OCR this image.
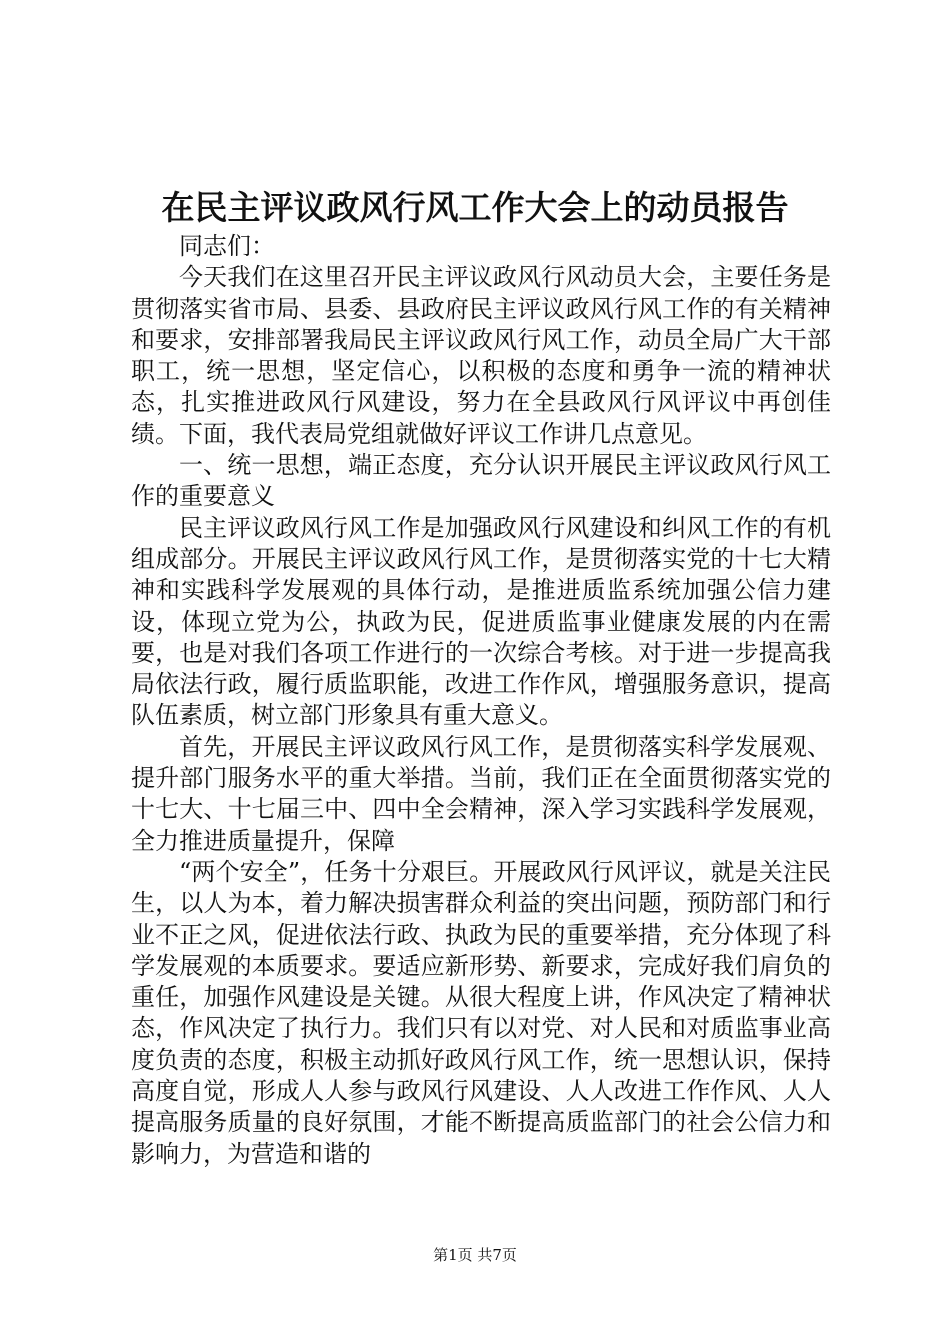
在民主评议政风行风工作大会上的动员报告

同志们：

今天我们在这里召开民主评议政风行风动员大会，主要任务是贯彻落实省市局、县委、县政府民主评议政风行风工作的有关精神和要求，安排部署我局民主评议政风行风工作，动员全局广大干部职工，统一思想，坚定信心，以积极的态度和勇争一流的精神状态，扎实推进政风行风建设，努力在全县政风行风评议中再创佳绩。下面，我代表局党组就做好评议工作讲几点意见。

一、统一思想，端正态度，充分认识开展民主评议政风行风工作的重要意义

民主评议政风行风工作是加强政风行风建设和纠风工作的有机组成部分。开展民主评议政风行风工作，是贯彻落实党的十七大精神和实践科学发展观的具体行动，是推进质监系统加强公信力建设，体现立党为公，执政为民，促进质监事业健康发展的内在需要，也是对我们各项工作进行的一次综合考核。对于进一步提高我局依法行政，履行质监职能，改进工作作风，增强服务意识，提高队伍素质，树立部门形象具有重大意义。

首先，开展民主评议政风行风工作，是贯彻落实科学发展观、提升部门服务水平的重大举措。当前，我们正在全面贯彻落实党的十七大、十七届三中、四中全会精神，深入学习实践科学发展观，全力推进质量提升，保障

“两个安全”，任务十分艰巨。开展政风行风评议，就是关注民生，以人为本，着力解决损害群众利益的突出问题，预防部门和行业不正之风，促进依法行政、执政为民的重要举措，充分体现了科学发展观的本质要求。要适应新形势、新要求，完成好我们肩负的重任，加强作风建设是关键。从很大程度上讲，作风决定了精神状态，作风决定了执行力。我们只有以对党、对人民和对质监事业高度负责的态度，积极主动抓好政风行风工作，统一思想认识，保持高度自觉，形成人人参与政风行风建设、人人改进工作作风、人人提高服务质量的良好氛围，才能不断提高质监部门的社会公信力和影响力，为营造和谐的

第1页 共7页
